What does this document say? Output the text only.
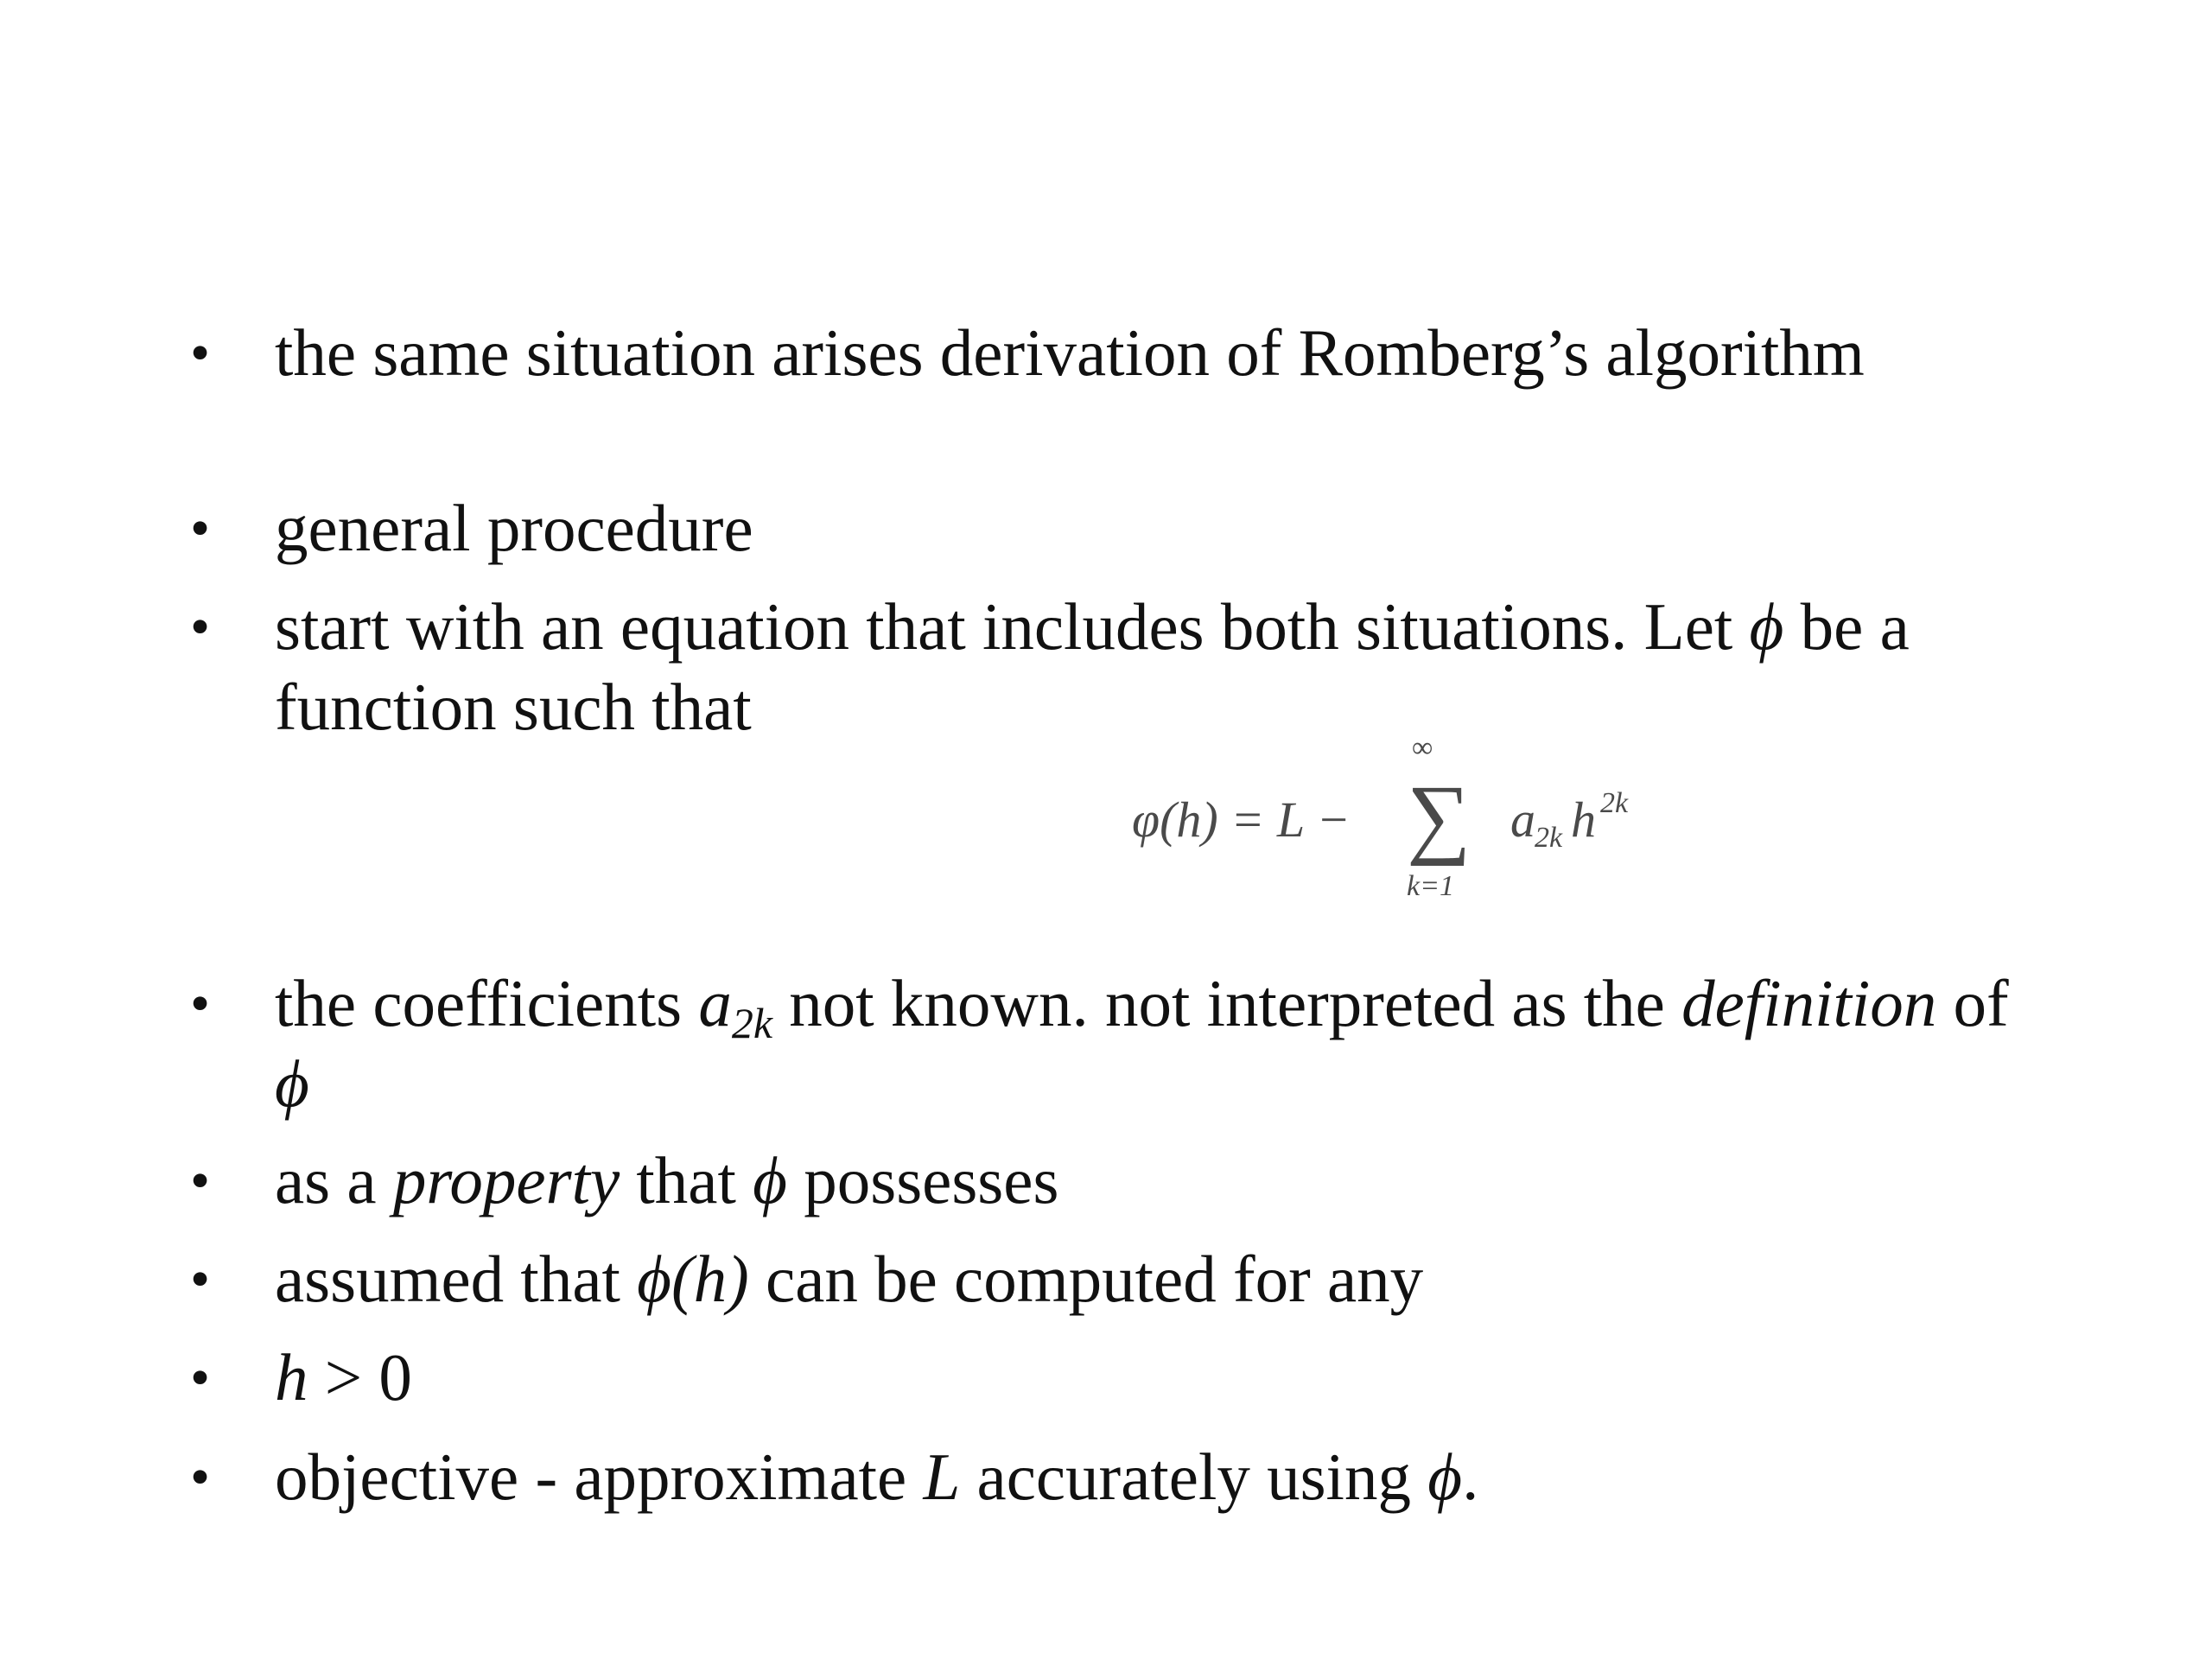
• the same situation arises derivation of Romberg’s algorithm
• general procedure
• start with an equation that includes both situations. Let ϕ be a function such that
• the coefficients $a_{2k}$ not known. not interpreted as the definition of ϕ
• as a property that ϕ possesses
• assumed that ϕ(h) can be computed for any
• h > 0
• objective - approximate L accurately using ϕ.
φ(h) = L −
∞
∑
k=1
a 2k h 2k
